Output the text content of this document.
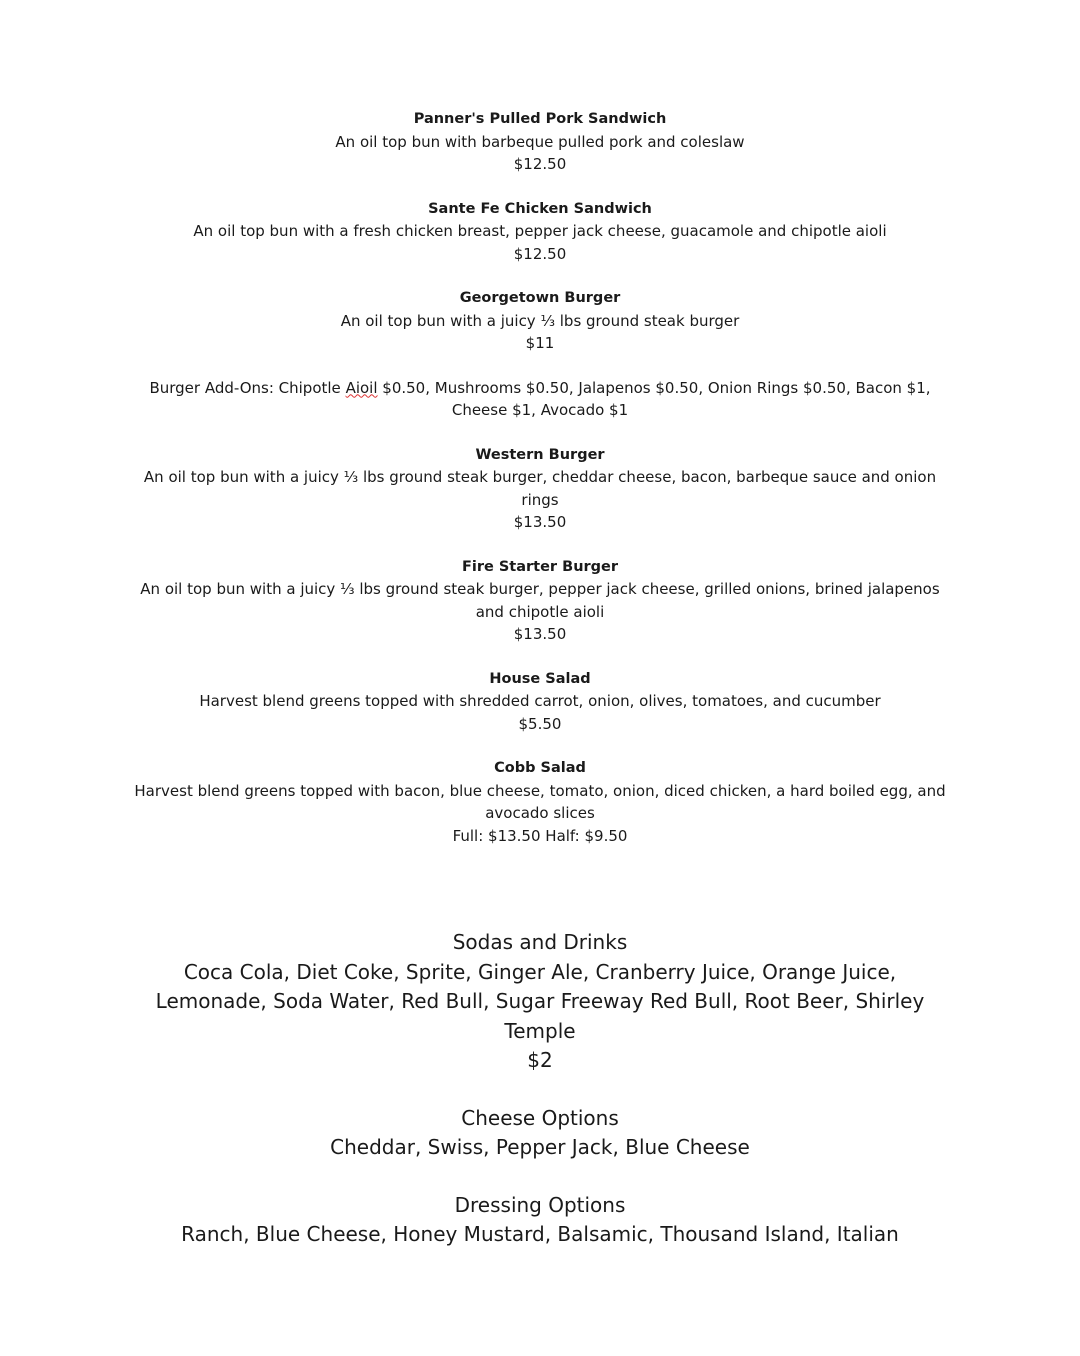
Panner's Pulled Pork Sandwich
An oil top bun with barbeque pulled pork and coleslaw
$12.50
Sante Fe Chicken Sandwich
An oil top bun with a fresh chicken breast, pepper jack cheese, guacamole and chipotle aioli
$12.50
Georgetown Burger
An oil top bun with a juicy ⅓ lbs ground steak burger
$11
Burger Add-Ons: Chipotle Aioil $0.50, Mushrooms $0.50, Jalapenos $0.50, Onion Rings $0.50, Bacon $1, Cheese $1, Avocado $1
Western Burger
An oil top bun with a juicy ⅓ lbs ground steak burger, cheddar cheese, bacon, barbeque sauce and onion rings
$13.50
Fire Starter Burger
An oil top bun with a juicy ⅓ lbs ground steak burger, pepper jack cheese, grilled onions, brined jalapenos and chipotle aioli
$13.50
House Salad
Harvest blend greens topped with shredded carrot, onion, olives, tomatoes, and cucumber
$5.50
Cobb Salad
Harvest blend greens topped with bacon, blue cheese, tomato, onion, diced chicken, a hard boiled egg, and avocado slices
Full: $13.50 Half: $9.50
Sodas and Drinks
Coca Cola, Diet Coke, Sprite, Ginger Ale, Cranberry Juice, Orange Juice, Lemonade, Soda Water, Red Bull, Sugar Freeway Red Bull, Root Beer, Shirley Temple
$2
Cheese Options
Cheddar, Swiss, Pepper Jack, Blue Cheese
Dressing Options
Ranch, Blue Cheese, Honey Mustard, Balsamic, Thousand Island, Italian
